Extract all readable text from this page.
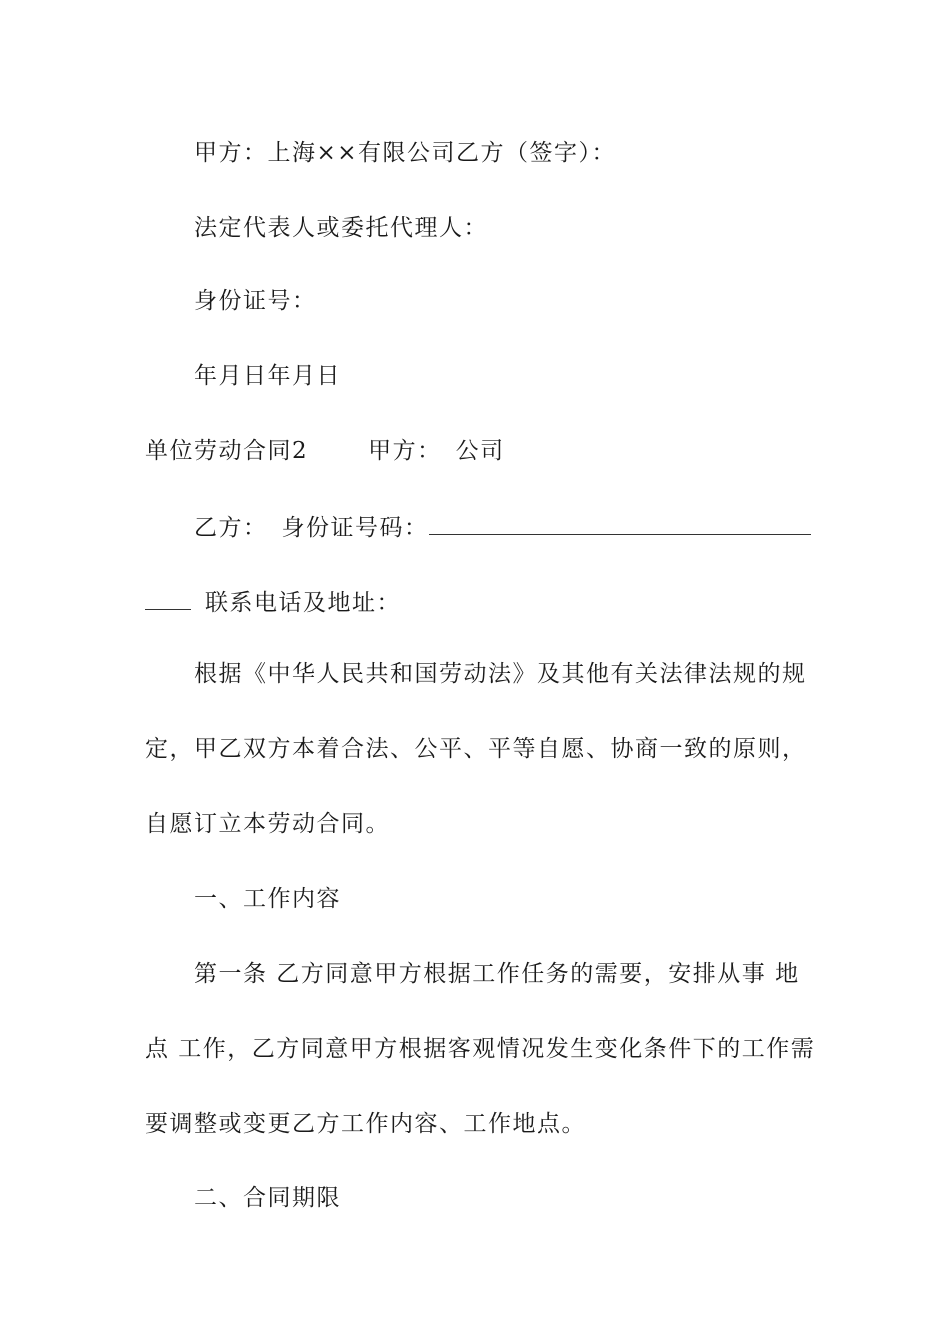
甲方：上海××有限公司乙方（签字）：
法定代表人或委托代理人：
身份证号：
年月日年月日
单位劳动合同2	甲方： 公司
乙方： 身份证号码：
联系电话及地址：
根据《中华人民共和国劳动法》及其他有关法律法规的规
定，甲乙双方本着合法、公平、平等自愿、协商一致的原则，
自愿订立本劳动合同。
一、工作内容
第一条 乙方同意甲方根据工作任务的需要，安排从事 地
点 工作，乙方同意甲方根据客观情况发生变化条件下的工作需
要调整或变更乙方工作内容、工作地点。
二、合同期限
